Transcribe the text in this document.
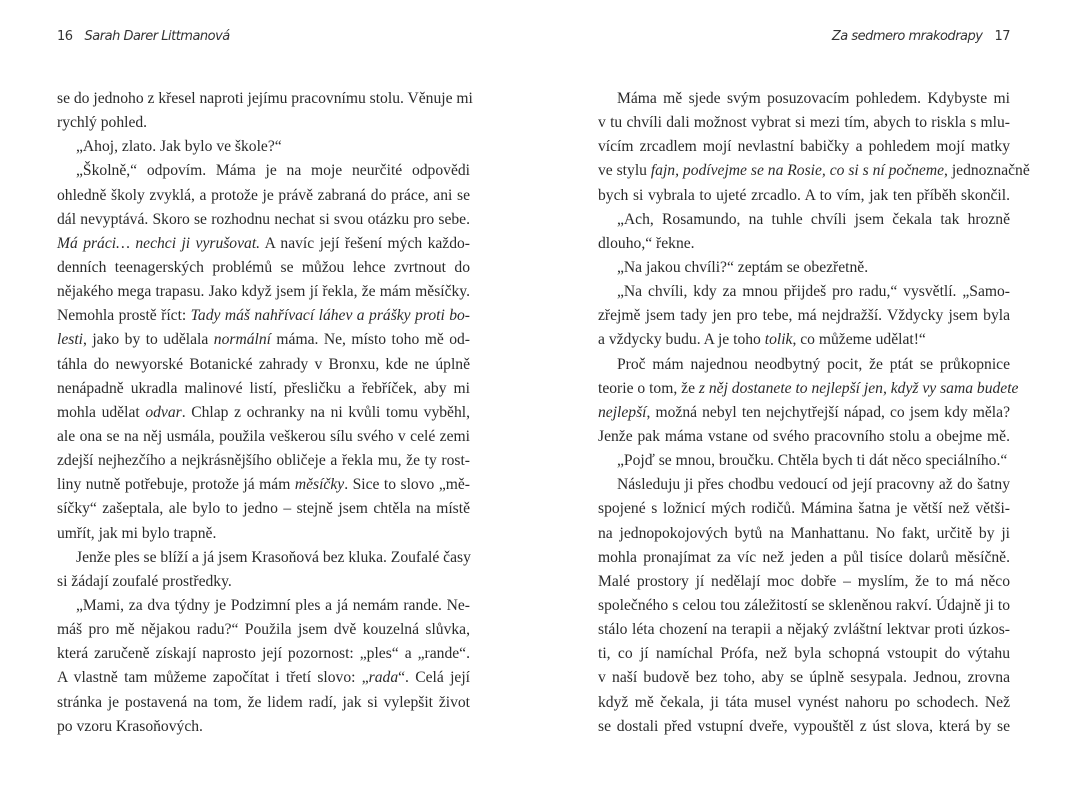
16 Sarah Darer Littmanová
se do jednoho z křesel naproti jejímu pracovnímu stolu. Věnuje mi
rychlý pohled.
„Ahoj, zlato. Jak bylo ve škole?“
„Školně,“ odpovím. Máma je na moje neurčité odpovědi
ohledně školy zvyklá, a protože je právě zabraná do práce, ani se
dál nevyptává. Skoro se rozhodnu nechat si svou otázku pro sebe.
Má práci… nechci ji vyrušovat. A navíc její řešení mých každo-
denních teenagerských problémů se můžou lehce zvrtnout do
nějakého mega trapasu. Jako když jsem jí řekla, že mám měsíčky.
Nemohla prostě říct: Tady máš nahřívací láhev a prášky proti bo-
lesti, jako by to udělala normální máma. Ne, místo toho mě od-
táhla do newyorské Botanické zahrady v Bronxu, kde ne úplně
nenápadně ukradla malinové listí, přesličku a řebříček, aby mi
mohla udělat odvar. Chlap z ochranky na ni kvůli tomu vyběhl,
ale ona se na něj usmála, použila veškerou sílu svého v celé zemi
zdejší nejhezčího a nejkrásnějšího obličeje a řekla mu, že ty rost-
liny nutně potřebuje, protože já mám měsíčky. Sice to slovo „mě-
síčky“ zašeptala, ale bylo to jedno – stejně jsem chtěla na místě
umřít, jak mi bylo trapně.
Jenže ples se blíží a já jsem Krasoňová bez kluka. Zoufalé časy
si žádají zoufalé prostředky.
„Mami, za dva týdny je Podzimní ples a já nemám rande. Ne-
máš pro mě nějakou radu?“ Použila jsem dvě kouzelná slůvka,
která zaručeně získají naprosto její pozornost: „ples“ a „rande“.
A vlastně tam můžeme započítat i třetí slovo: „rada“. Celá její
stránka je postavená na tom, že lidem radí, jak si vylepšit život
po vzoru Krasoňových.
Za sedmero mrakodrapy 17
Máma mě sjede svým posuzovacím pohledem. Kdybyste mi
v tu chvíli dali možnost vybrat si mezi tím, abych to riskla s mlu-
vícím zrcadlem mojí nevlastní babičky a pohledem mojí matky
ve stylu fajn, podívejme se na Rosie, co si s ní počneme, jednoznačně
bych si vybrala to ujeté zrcadlo. A to vím, jak ten příběh skončil.
„Ach, Rosamundo, na tuhle chvíli jsem čekala tak hrozně
dlouho,“ řekne.
„Na jakou chvíli?“ zeptám se obezřetně.
„Na chvíli, kdy za mnou přijdeš pro radu,“ vysvětlí. „Samo-
zřejmě jsem tady jen pro tebe, má nejdražší. Vždycky jsem byla
a vždycky budu. A je toho tolik, co můžeme udělat!“
Proč mám najednou neodbytný pocit, že ptát se průkopnice
teorie o tom, že z něj dostanete to nejlepší jen, když vy sama budete
nejlepší, možná nebyl ten nejchytřejší nápad, co jsem kdy měla?
Jenže pak máma vstane od svého pracovního stolu a obejme mě.
„Pojď se mnou, broučku. Chtěla bych ti dát něco speciálního.“
Následuju ji přes chodbu vedoucí od její pracovny až do šatny
spojené s ložnicí mých rodičů. Mámina šatna je větší než větši-
na jednopokojových bytů na Manhattanu. No fakt, určitě by ji
mohla pronajímat za víc než jeden a půl tisíce dolarů měsíčně.
Malé prostory jí nedělají moc dobře – myslím, že to má něco
společného s celou tou záležitostí se skleněnou rakví. Údajně ji to
stálo léta chození na terapii a nějaký zvláštní lektvar proti úzkos-
ti, co jí namíchal Prófa, než byla schopná vstoupit do výtahu
v naší budově bez toho, aby se úplně sesypala. Jednou, zrovna
když mě čekala, ji táta musel vynést nahoru po schodech. Než
se dostali před vstupní dveře, vypouštěl z úst slova, která by se
